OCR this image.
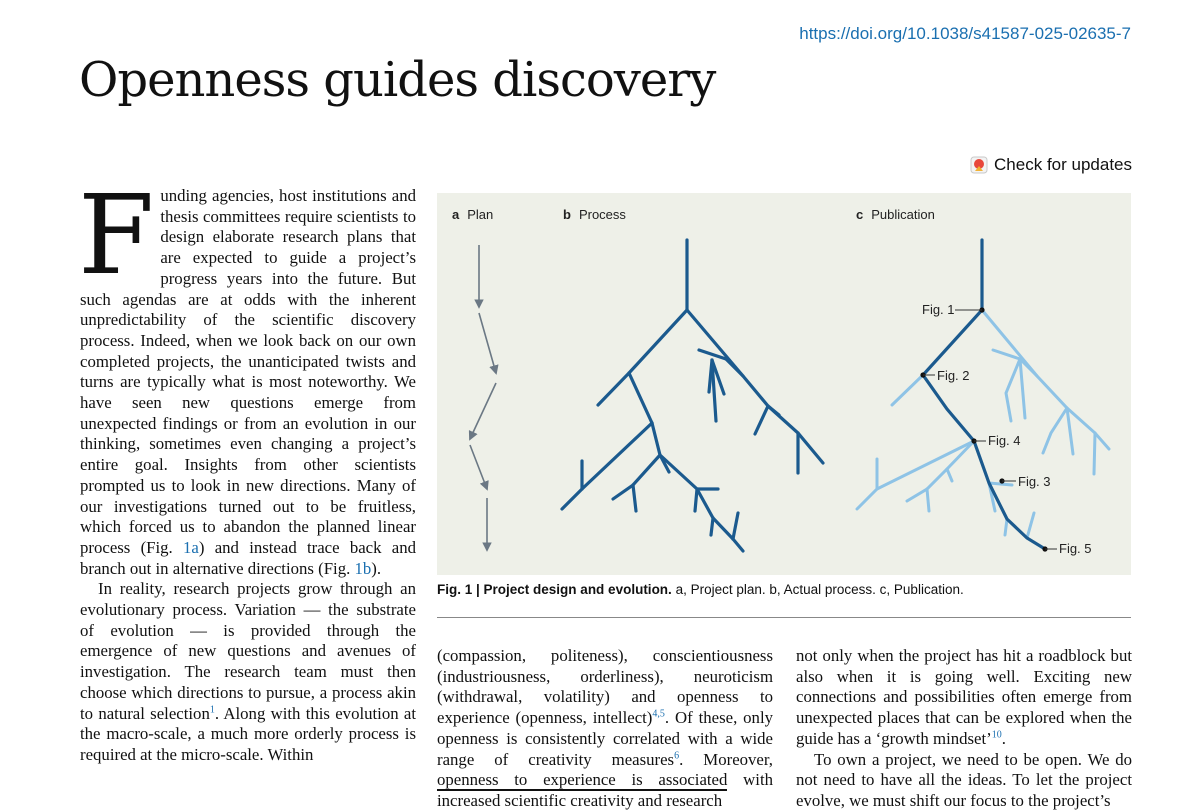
https://doi.org/10.1038/s41587-025-02635-7
Openness guides discovery
Check for updates

Funding agencies, host institutions and thesis committees require scientists to design elaborate research plans that are expected to guide a project’s progress years into the future. But such agendas are at odds with the inherent unpredictability of the scientific discovery process. Indeed, when we look back on our own completed projects, the unanticipated twists and turns are typically what is most noteworthy. We have seen new questions emerge from unexpected findings or from an evolution in our thinking, sometimes even changing a project’s entire goal. Insights from other scientists prompted us to look in new directions. Many of our investigations turned out to be fruitless, which forced us to abandon the planned linear process (Fig. 1a) and instead trace back and branch out in alternative directions (Fig. 1b).

In reality, research projects grow through an evolutionary process. Variation — the substrate of evolution — is provided through the emergence of new questions and avenues of investigation. The research team must then choose which directions to pursue, a process akin to natural selection$^1$. Along with this evolution at the macro-scale, a much more orderly process is required at the micro-scale. Within

a Plan	b Process	c Publication
Fig. 1
Fig. 2
Fig. 4
Fig. 3
Fig. 5
Fig. 1 | Project design and evolution. a, Project plan. b, Actual process. c, Publication.

(compassion, politeness), conscientiousness (industriousness, orderliness), neuroticism (withdrawal, volatility) and openness to experience (openness, intellect)$^{4,5}$. Of these, only openness is consistently correlated with a wide range of creativity measures$^6$. Moreover, openness to experience is associated with increased scientific creativity and research

not only when the project has hit a roadblock but also when it is going well. Exciting new connections and possibilities often emerge from unexpected places that can be explored when the guide has a ‘growth mindset’$^{10}$.

To own a project, we need to be open. We do not need to have all the ideas. To let the project evolve, we must shift our focus to the project’s
